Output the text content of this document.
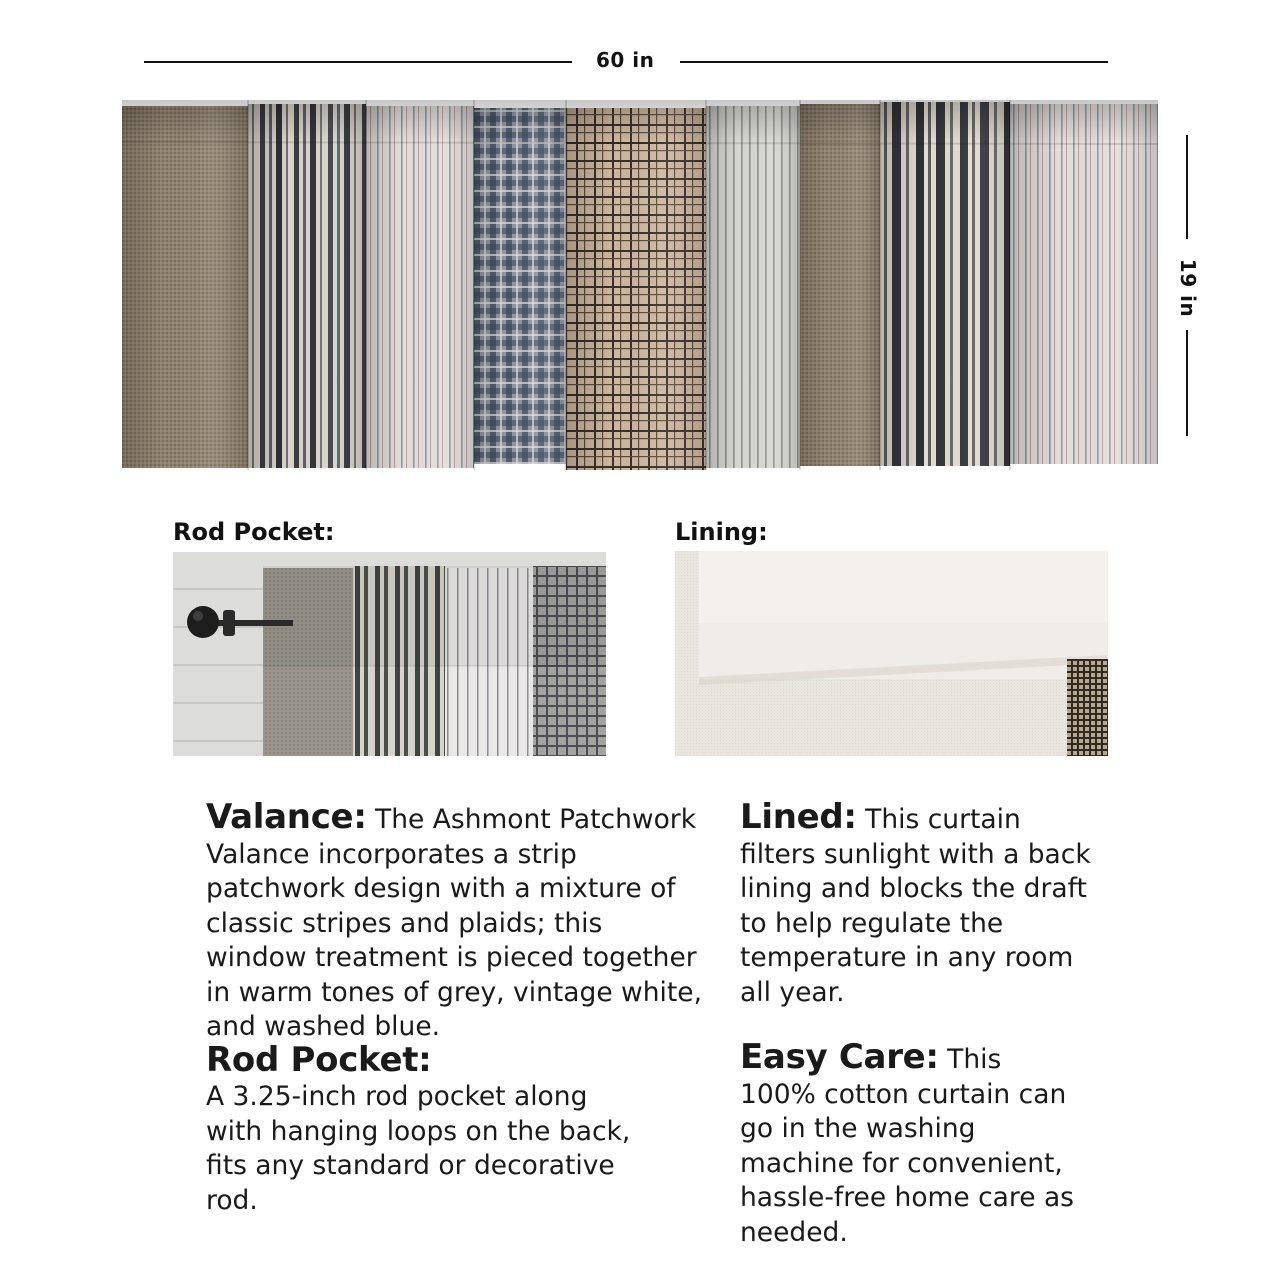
60 in
19 in
Rod Pocket:	Lining:
Valance: The Ashmont Patchwork Valance incorporates a strip patchwork design with a mixture of classic stripes and plaids; this window treatment is pieced together in warm tones of grey, vintage white, and washed blue.
Lined: This curtain filters sunlight with a back lining and blocks the draft to help regulate the temperature in any room all year.
Rod Pocket:
A 3.25-inch rod pocket along with hanging loops on the back, fits any standard or decorative rod.
Easy Care: This 100% cotton curtain can go in the washing machine for convenient, hassle-free home care as needed.
